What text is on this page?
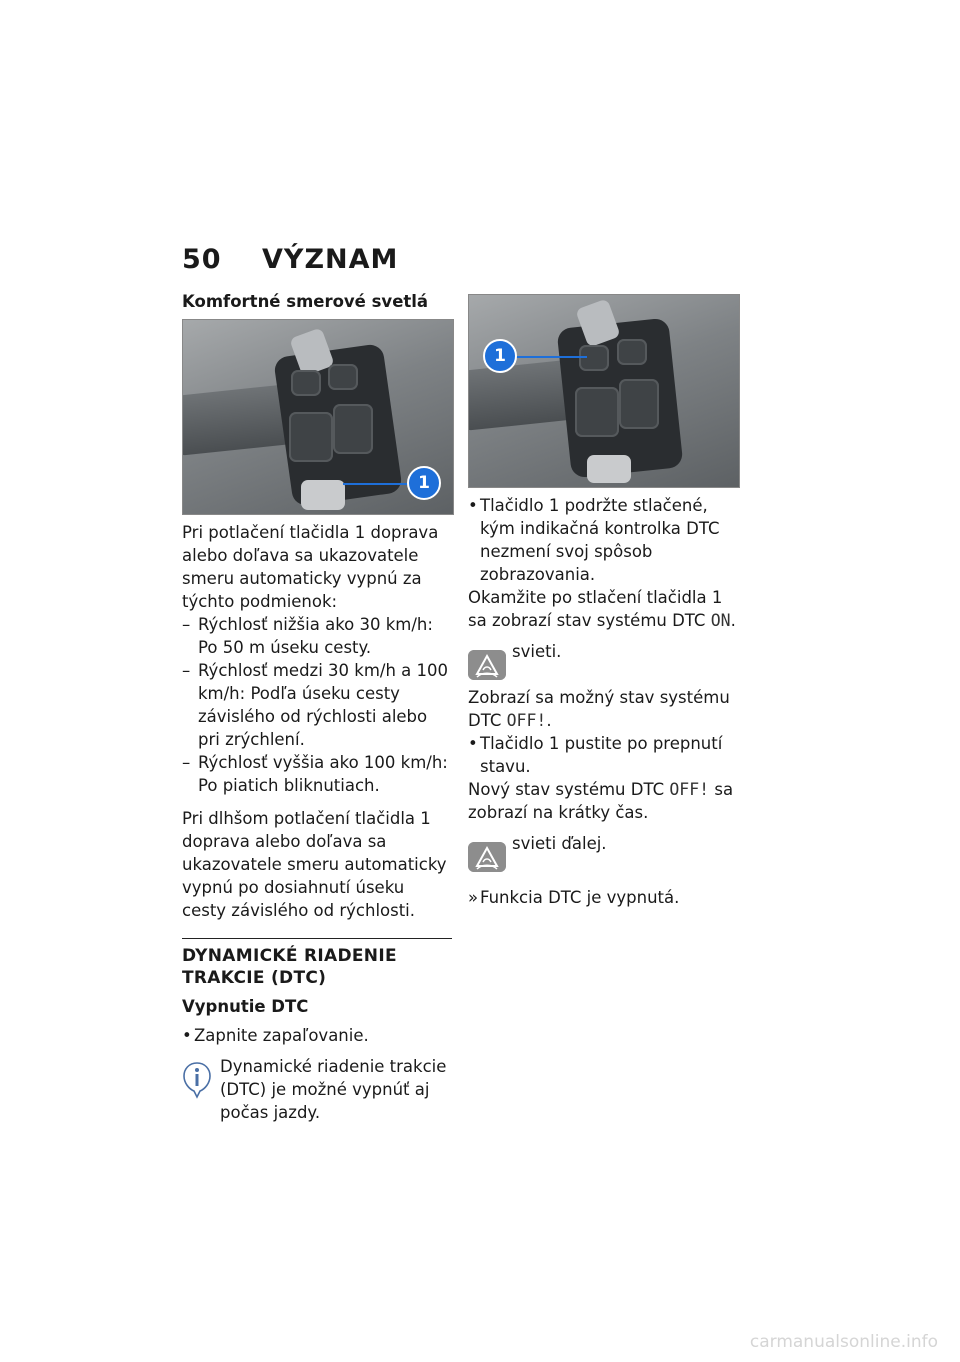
50 VÝZNAM
Komfortné smerové svetlá
1

Pri potlačení tlačidla 1 doprava alebo doľava sa ukazovatele smeru automaticky vypnú za týchto podmienok:

– Rýchlosť nižšia ako 30 km/h: Po 50 m úseku cesty.
– Rýchlosť medzi 30 km/h a 100 km/h: Podľa úseku cesty závislého od rýchlosti alebo pri zrýchlení.
– Rýchlosť vyššia ako 100 km/h: Po piatich bliknutiach.

Pri dlhšom potlačení tlačidla 1 doprava alebo doľava sa ukazovatele smeru automaticky vypnú po dosiahnutí úseku cesty závislého od rýchlosti.

DYNAMICKÉ RIADENIE TRAKCIE (DTC)
Vypnutie DTC
• Zapnite zapaľovanie.

Dynamické riadenie trakcie (DTC) je možné vypnúť aj počas jazdy.

1
• Tlačidlo 1 podržte stlačené, kým indikačná kontrolka DTC nezmení svoj spôsob zobrazovania.

Okamžite po stlačení tlačidla 1 sa zobrazí stav systému DTC ON.

svieti.

Zobrazí sa možný stav systému DTC OFF!.

• Tlačidlo 1 pustite po prepnutí stavu.

Nový stav systému DTC OFF! sa zobrazí na krátky čas.

svieti ďalej.

» Funkcia DTC je vypnutá.
carmanualsonline.info
